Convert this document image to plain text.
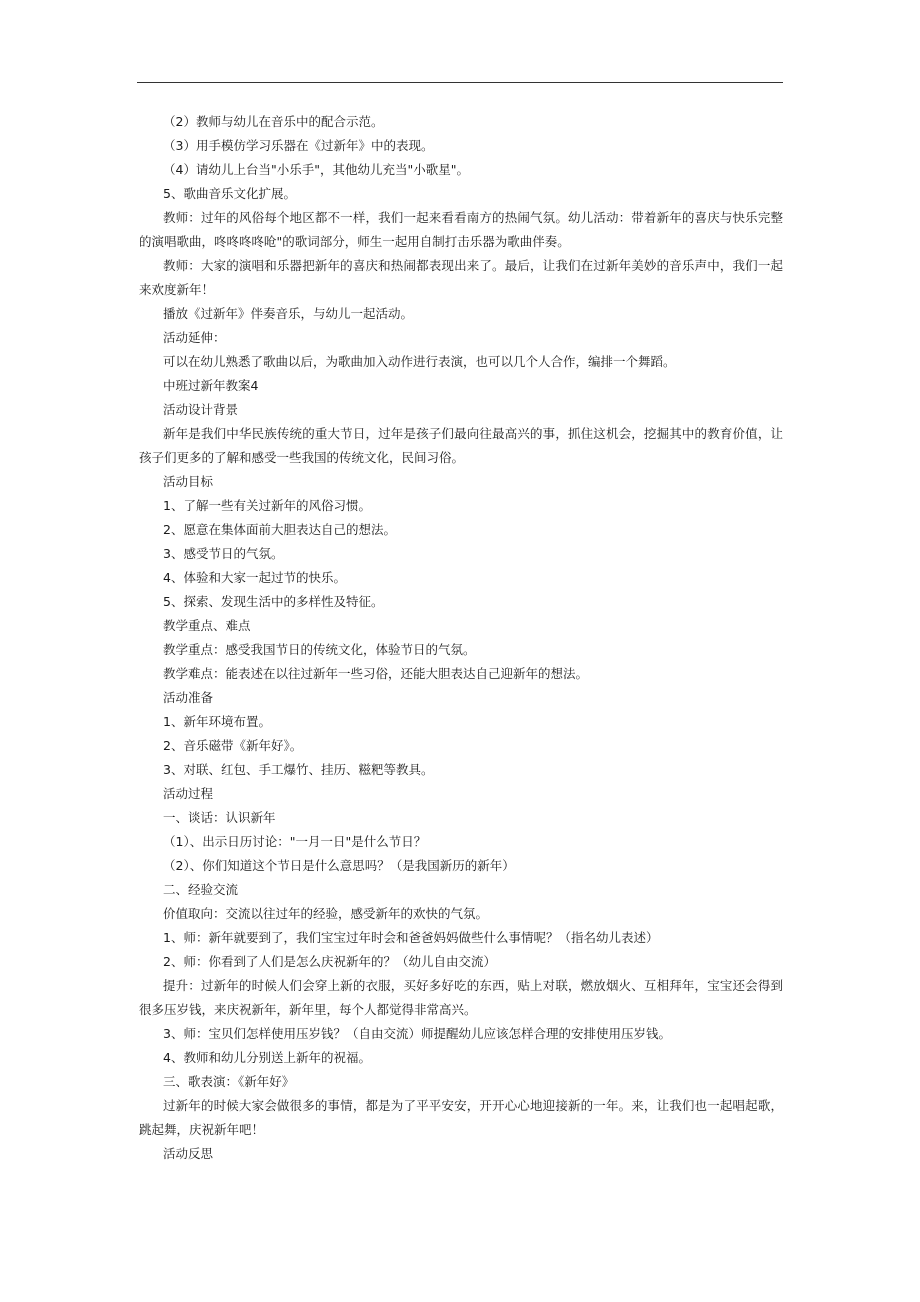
（2）教师与幼儿在音乐中的配合示范。

（3）用手模仿学习乐器在《过新年》中的表现。

（4）请幼儿上台当"小乐手"，其他幼儿充当"小歌星"。

5、歌曲音乐文化扩展。

教师：过年的风俗每个地区都不一样，我们一起来看看南方的热闹气氛。幼儿活动：带着新年的喜庆与快乐完整的演唱歌曲，咚咚咚咚呛"的歌词部分，师生一起用自制打击乐器为歌曲伴奏。

教师：大家的演唱和乐器把新年的喜庆和热闹都表现出来了。最后，让我们在过新年美妙的音乐声中，我们一起来欢度新年！

播放《过新年》伴奏音乐，与幼儿一起活动。

活动延伸：

可以在幼儿熟悉了歌曲以后，为歌曲加入动作进行表演，也可以几个人合作，编排一个舞蹈。

中班过新年教案4

活动设计背景

新年是我们中华民族传统的重大节日，过年是孩子们最向往最高兴的事，抓住这机会，挖掘其中的教育价值，让孩子们更多的了解和感受一些我国的传统文化，民间习俗。

活动目标

1、了解一些有关过新年的风俗习惯。

2、愿意在集体面前大胆表达自己的想法。

3、感受节日的气氛。

4、体验和大家一起过节的快乐。

5、探索、发现生活中的多样性及特征。

教学重点、难点

教学重点：感受我国节日的传统文化，体验节日的气氛。

教学难点：能表述在以往过新年一些习俗，还能大胆表达自己迎新年的想法。

活动准备

1、新年环境布置。

2、音乐磁带《新年好》。

3、对联、红包、手工爆竹、挂历、糍粑等教具。

活动过程

一、谈话：认识新年

（1）、出示日历讨论："一月一日"是什么节日？

（2）、你们知道这个节日是什么意思吗？（是我国新历的新年）

二、经验交流

价值取向：交流以往过年的经验，感受新年的欢快的气氛。

1、师：新年就要到了，我们宝宝过年时会和爸爸妈妈做些什么事情呢？（指名幼儿表述）

2、师：你看到了人们是怎么庆祝新年的？（幼儿自由交流）

提升：过新年的时候人们会穿上新的衣服，买好多好吃的东西，贴上对联，燃放烟火、互相拜年，宝宝还会得到很多压岁钱，来庆祝新年，新年里，每个人都觉得非常高兴。

3、师：宝贝们怎样使用压岁钱？（自由交流）师提醒幼儿应该怎样合理的安排使用压岁钱。

4、教师和幼儿分别送上新年的祝福。

三、歌表演：《新年好》

过新年的时候大家会做很多的事情，都是为了平平安安，开开心心地迎接新的一年。来，让我们也一起唱起歌，跳起舞，庆祝新年吧！

活动反思
